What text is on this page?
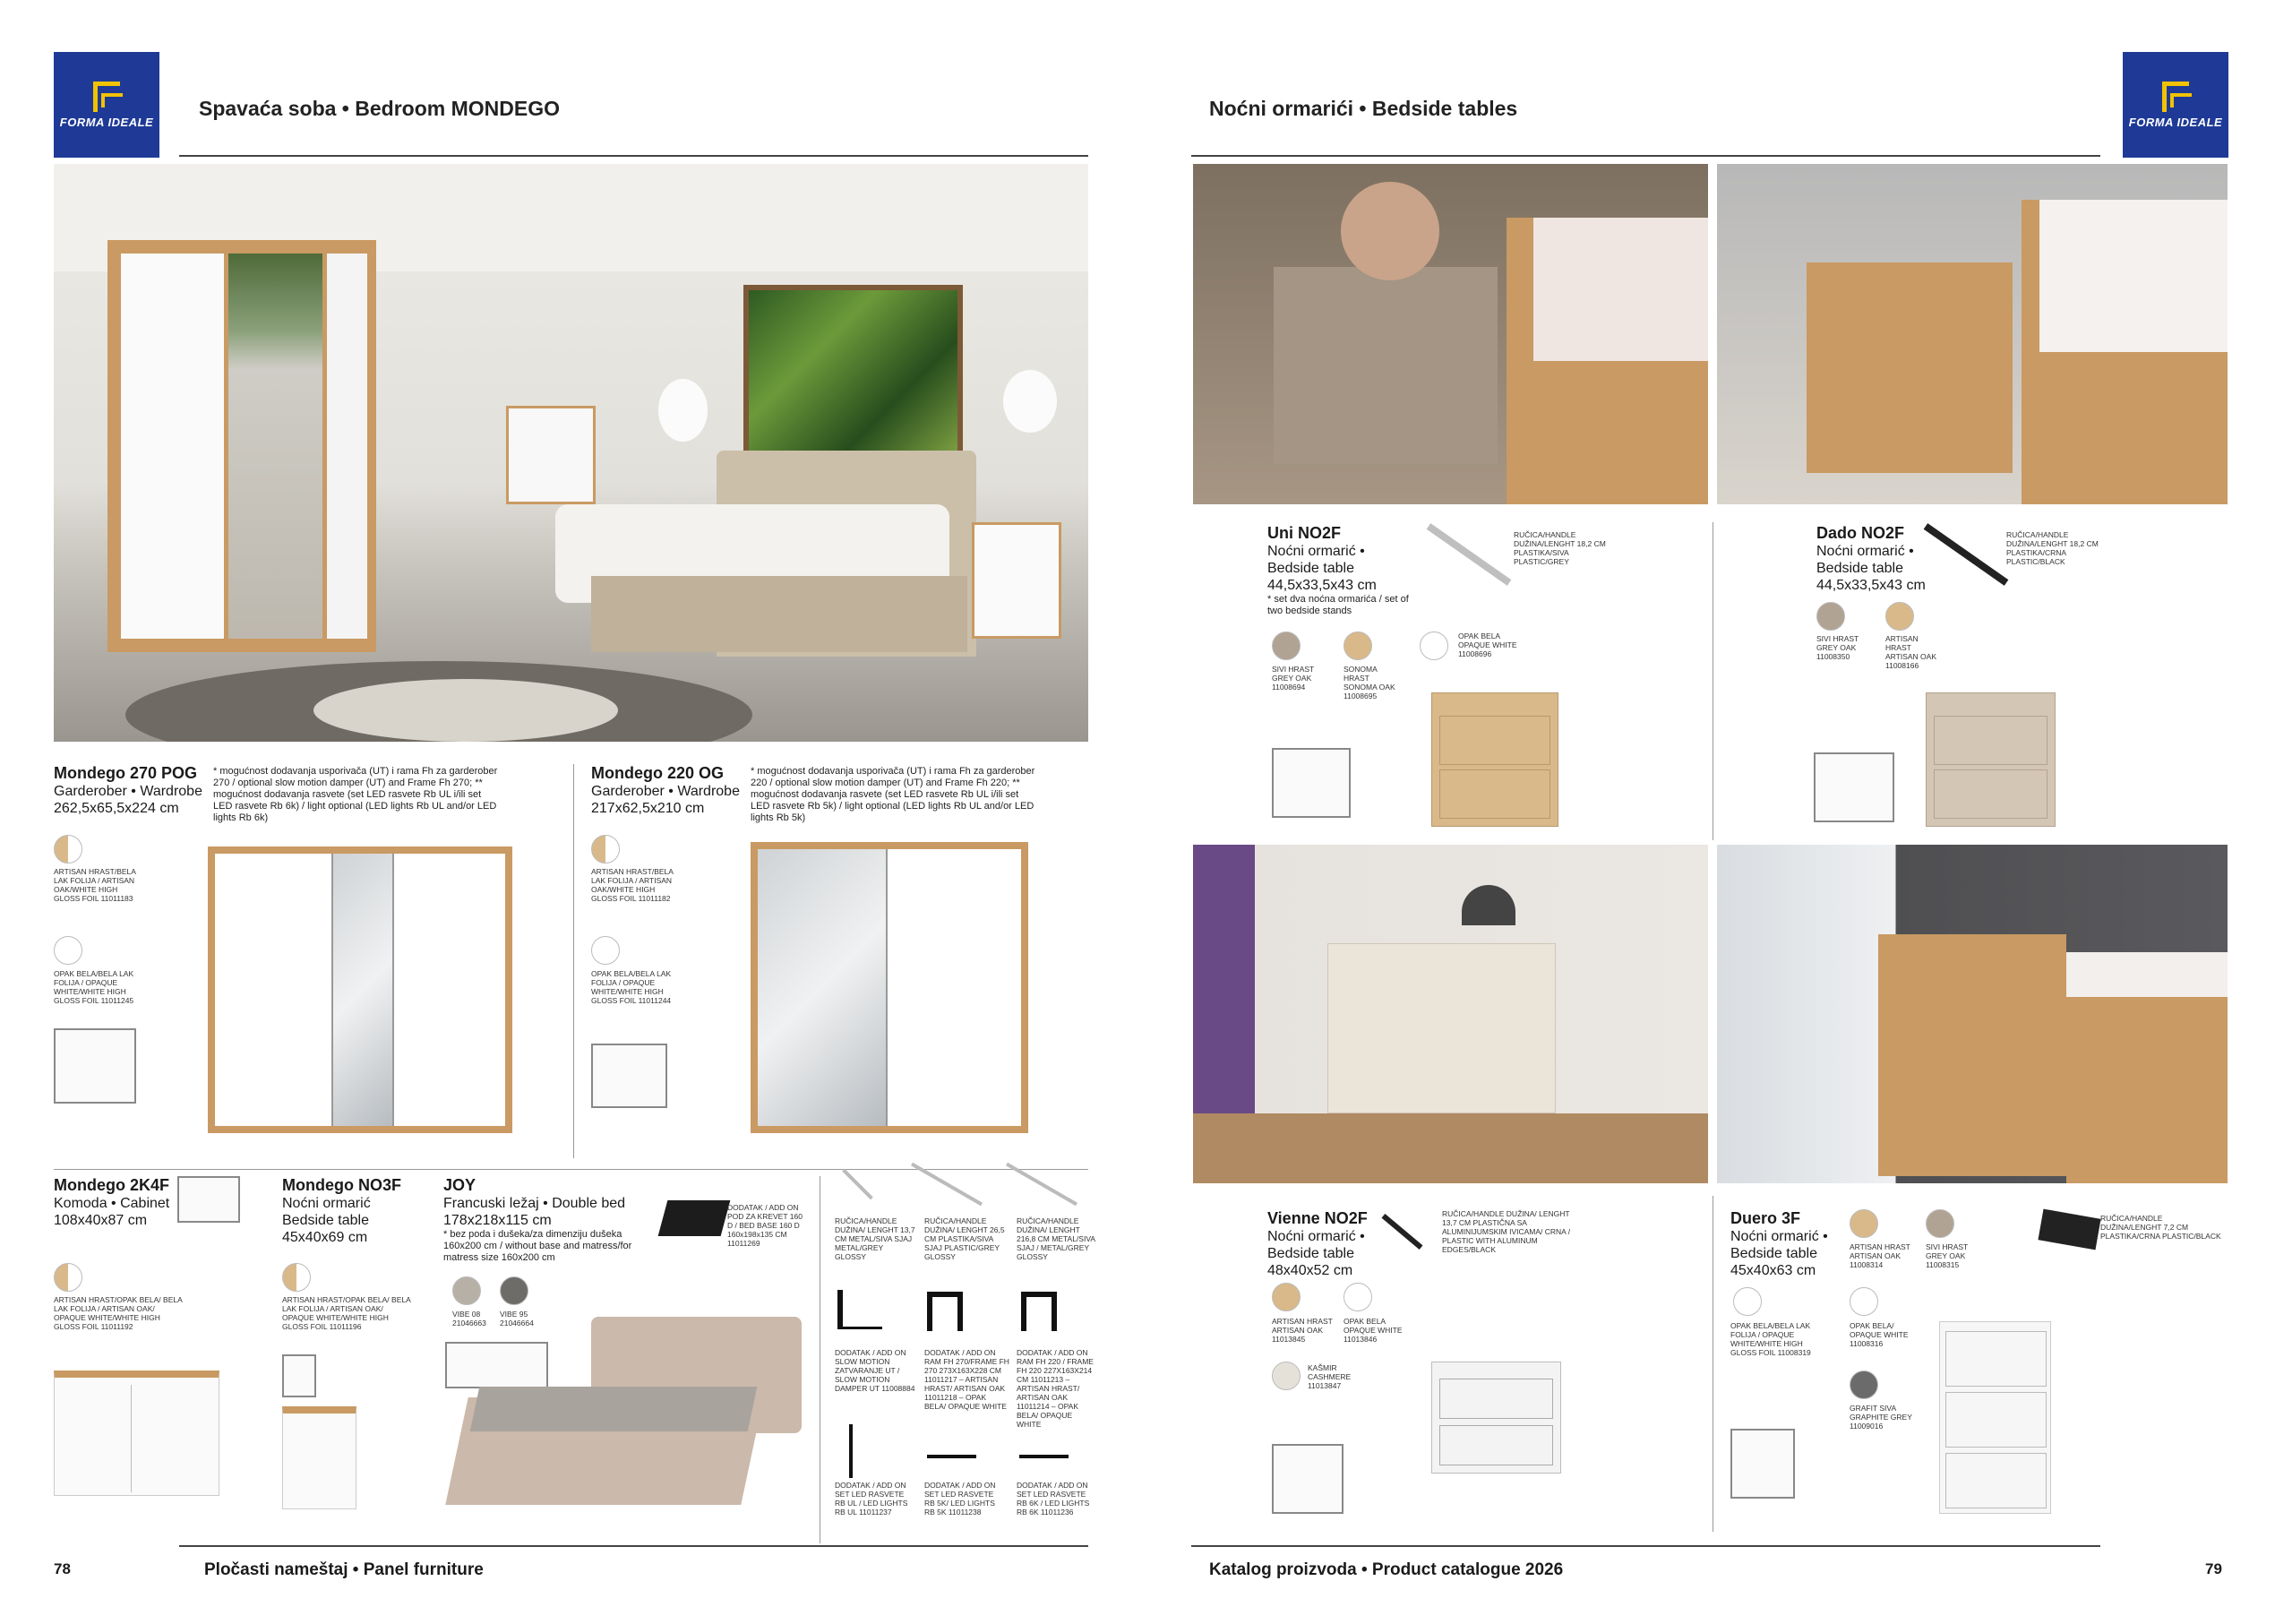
FORMA IDEALE
Spavaća soba • Bedroom MONDEGO
Mondego 270 POG
Garderober • Wardrobe
262,5x65,5x224 cm
* mogućnost dodavanja usporivača (UT) i rama Fh za garderober 270 / optional slow motion damper (UT) and Frame Fh 270; ** mogućnost dodavanja rasvete (set LED rasvete Rb UL i/ili set LED rasvete Rb 6k) / light optional (LED lights Rb UL and/or LED lights Rb 6k)
ARTISAN HRAST/BELA LAK FOLIJA / ARTISAN OAK/WHITE HIGH GLOSS FOIL 11011183
OPAK BELA/BELA LAK FOLIJA / OPAQUE WHITE/WHITE HIGH GLOSS FOIL 11011245
Mondego 220 OG
Garderober • Wardrobe
217x62,5x210 cm
* mogućnost dodavanja usporivača (UT) i rama Fh za garderober 220 / optional slow motion damper (UT) and Frame Fh 220; ** mogućnost dodavanja rasvete (set LED rasvete Rb UL i/ili set LED rasvete Rb 5k) / light optional (LED lights Rb UL and/or LED lights Rb 5k)
ARTISAN HRAST/BELA LAK FOLIJA / ARTISAN OAK/WHITE HIGH GLOSS FOIL 11011182
OPAK BELA/BELA LAK FOLIJA / OPAQUE WHITE/WHITE HIGH GLOSS FOIL 11011244
Mondego 2K4F
Komoda • Cabinet
108x40x87 cm
ARTISAN HRAST/OPAK BELA/ BELA LAK FOLIJA / ARTISAN OAK/ OPAQUE WHITE/WHITE HIGH GLOSS FOIL 11011192
Mondego NO3F
Noćni ormarić
Bedside table
45x40x69 cm
ARTISAN HRAST/OPAK BELA/ BELA LAK FOLIJA / ARTISAN OAK/ OPAQUE WHITE/WHITE HIGH GLOSS FOIL 11011196
JOY
Francuski ležaj • Double bed
178x218x115 cm
* bez poda i dušeka/za dimenziju dušeka 160x200 cm / without base and matress/for matress size 160x200 cm
DODATAK / ADD ON POD ZA KREVET 160 D / BED BASE 160 D 160x198x135 CM 11011269
VIBE 08 21046663
VIBE 95 21046664
RUČICA/HANDLE DUŽINA/ LENGHT 13,7 CM METAL/SIVA SJAJ METAL/GREY GLOSSY
RUČICA/HANDLE DUŽINA/ LENGHT 26,5 CM PLASTIKA/SIVA SJAJ PLASTIC/GREY GLOSSY
RUČICA/HANDLE DUŽINA/ LENGHT 216,8 CM METAL/SIVA SJAJ / METAL/GREY GLOSSY
DODATAK / ADD ON SLOW MOTION ZATVARANJE UT / SLOW MOTION DAMPER UT 11008884
DODATAK / ADD ON RAM FH 270/FRAME FH 270 273X163X228 CM 11011217 – ARTISAN HRAST/ ARTISAN OAK 11011218 – OPAK BELA/ OPAQUE WHITE
DODATAK / ADD ON RAM FH 220 / FRAME FH 220 227X163X214 CM 11011213 – ARTISAN HRAST/ ARTISAN OAK 11011214 – OPAK BELA/ OPAQUE WHITE
DODATAK / ADD ON SET LED RASVETE RB UL / LED LIGHTS RB UL 11011237
DODATAK / ADD ON SET LED RASVETE RB 5K/ LED LIGHTS RB 5K 11011238
DODATAK / ADD ON SET LED RASVETE RB 6K / LED LIGHTS RB 6K 11011236
78	Pločasti nameštaj • Panel furniture
FORMA IDEALE
Noćni ormarići • Bedside tables
Uni NO2F
Noćni ormarić •
Bedside table
44,5x33,5x43 cm
* set dva noćna ormarića / set of two bedside stands
RUČICA/HANDLE DUŽINA/LENGHT 18,2 CM PLASTIKA/SIVA PLASTIC/GREY
SIVI HRAST GREY OAK 11008694
SONOMA HRAST SONOMA OAK 11008695
OPAK BELA OPAQUE WHITE 11008696
Dado NO2F
Noćni ormarić •
Bedside table
44,5x33,5x43 cm
RUČICA/HANDLE DUŽINA/LENGHT 18,2 CM PLASTIKA/CRNA PLASTIC/BLACK
SIVI HRAST GREY OAK 11008350
ARTISAN HRAST ARTISAN OAK 11008166
Vienne NO2F
Noćni ormarić •
Bedside table
48x40x52 cm
RUČICA/HANDLE DUŽINA/ LENGHT 13,7 CM PLASTIČNA SA ALUMINIJUMSKIM IVICAMA/ CRNA / PLASTIC WITH ALUMINUM EDGES/BLACK
ARTISAN HRAST ARTISAN OAK 11013845
OPAK BELA OPAQUE WHITE 11013846
KAŠMIR CASHMERE 11013847
Duero 3F
Noćni ormarić •
Bedside table
45x40x63 cm
ARTISAN HRAST ARTISAN OAK 11008314
SIVI HRAST GREY OAK 11008315
RUČICA/HANDLE DUŽINA/LENGHT 7,2 CM PLASTIKA/CRNA PLASTIC/BLACK
OPAK BELA/BELA LAK FOLIJA / OPAQUE WHITE/WHITE HIGH GLOSS FOIL 11008319
OPAK BELA/ OPAQUE WHITE 11008316
GRAFIT SIVA GRAPHITE GREY 11009016
Katalog proizvoda • Product catalogue 2026	79
